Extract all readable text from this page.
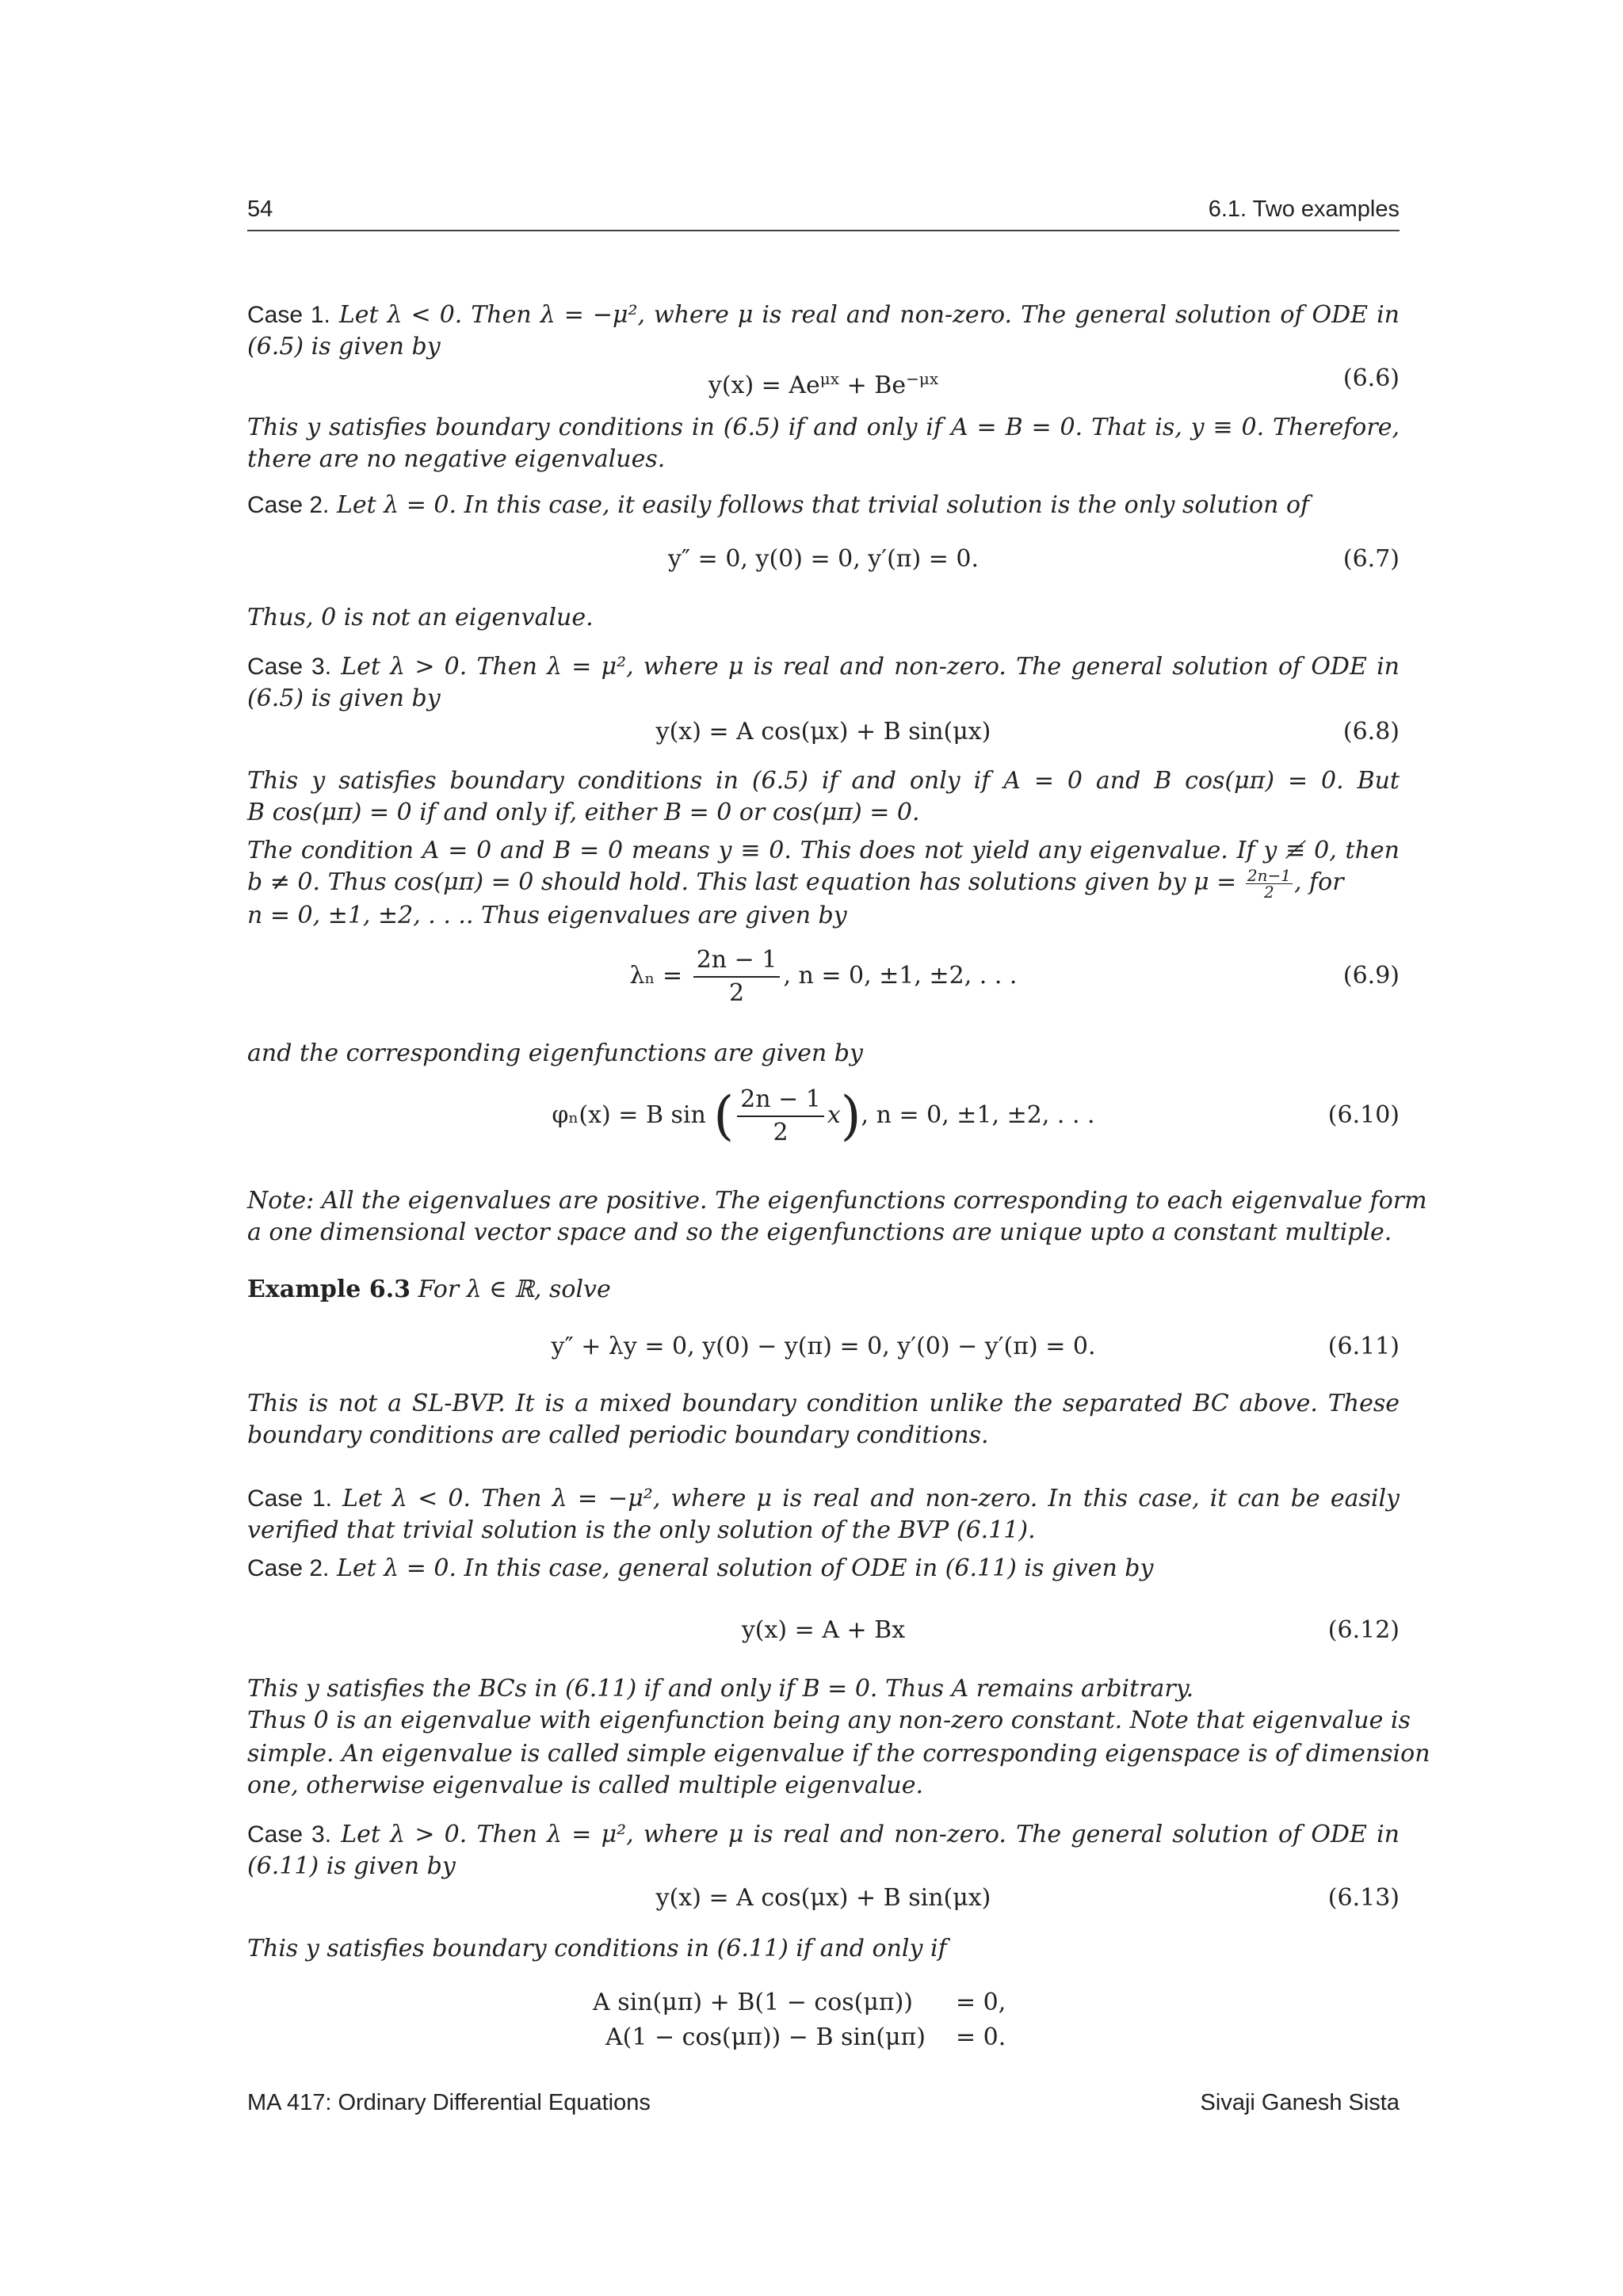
54	6.1. Two examples
Case 1. Let λ < 0. Then λ = −μ², where μ is real and non-zero. The general solution of ODE in
(6.5) is given by
$y(x) = Ae^{\mu x} + Be^{-\mu x}$	(6.6)
This y satisfies boundary conditions in (6.5) if and only if A = B = 0. That is, y ≡ 0. Therefore,
there are no negative eigenvalues.
Case 2. Let λ = 0. In this case, it easily follows that trivial solution is the only solution of
y″ = 0, y(0) = 0, y′(π) = 0.	(6.7)
Thus, 0 is not an eigenvalue.
Case 3. Let λ > 0. Then λ = μ², where μ is real and non-zero. The general solution of ODE in
(6.5) is given by
y(x) = A cos(μx) + B sin(μx)	(6.8)
This y satisfies boundary conditions in (6.5) if and only if A = 0 and B cos(μπ) = 0. But
B cos(μπ) = 0 if and only if, either B = 0 or cos(μπ) = 0.
The condition A = 0 and B = 0 means y ≡ 0. This does not yield any eigenvalue. If y ≢ 0, then
b ≠ 0. Thus cos(μπ) = 0 should hold. This last equation has solutions given by $\mu = \frac{2n-1}{2}$ , for
n = 0, ±1, ±2, . . .. Thus eigenvalues are given by
$\lambda_n = \frac{2n - 1}{2}$ , n = 0, ±1, ±2, . . .	(6.9)
and the corresponding eigenfunctions are given by
φₙ(x) = B sin ( $\frac{2n - 1}{2} x$), n = 0, ±1, ±2, . . .	(6.10)
Note: All the eigenvalues are positive. The eigenfunctions corresponding to each eigenvalue form
a one dimensional vector space and so the eigenfunctions are unique upto a constant multiple.
Example 6.3 For λ ∈ ℝ, solve
y″ + λy = 0, y(0) − y(π) = 0, y′(0) − y′(π) = 0.	(6.11)
This is not a SL-BVP. It is a mixed boundary condition unlike the separated BC above. These
boundary conditions are called periodic boundary conditions.
Case 1. Let λ < 0. Then λ = −μ², where μ is real and non-zero. In this case, it can be easily
verified that trivial solution is the only solution of the BVP (6.11).
Case 2. Let λ = 0. In this case, general solution of ODE in (6.11) is given by
y(x) = A + Bx	(6.12)
This y satisfies the BCs in (6.11) if and only if B = 0. Thus A remains arbitrary.
Thus 0 is an eigenvalue with eigenfunction being any non-zero constant. Note that eigenvalue is
simple. An eigenvalue is called simple eigenvalue if the corresponding eigenspace is of dimension
one, otherwise eigenvalue is called multiple eigenvalue.
Case 3. Let λ > 0. Then λ = μ², where μ is real and non-zero. The general solution of ODE in
(6.11) is given by
y(x) = A cos(μx) + B sin(μx)	(6.13)
This y satisfies boundary conditions in (6.11) if and only if
A sin(μπ) + B(1 − cos(μπ)) = 0,
A(1 − cos(μπ)) − B sin(μπ) = 0.
MA 417: Ordinary Differential Equations	Sivaji Ganesh Sista
